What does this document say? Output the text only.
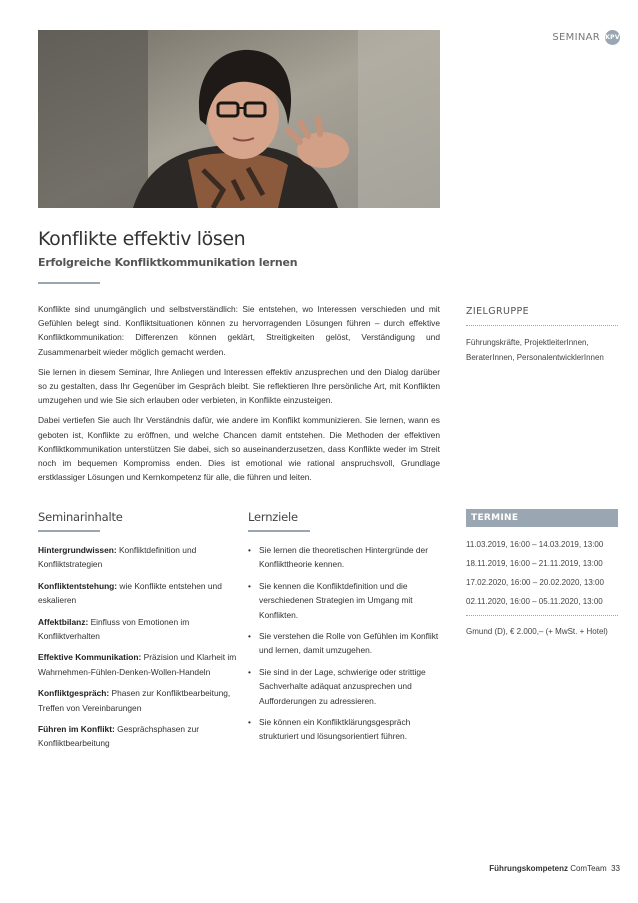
SEMINAR KPV
Konflikte effektiv lösen
Erfolgreiche Konfliktkommunikation lernen

Konflikte sind unumgänglich und selbstverständlich: Sie entstehen, wo Interessen verschieden und mit Gefühlen belegt sind. Konfliktsituationen können zu hervorragenden Lösungen führen – durch effektive Konfliktkommunikation: Differenzen können geklärt, Streitigkeiten gelöst, Verständigung und Zusammenarbeit wieder möglich gemacht werden.

Sie lernen in diesem Seminar, Ihre Anliegen und Interessen effektiv anzusprechen und den Dialog darüber so zu gestalten, dass Ihr Gegenüber im Gespräch bleibt. Sie reflektieren Ihre persönliche Art, mit Konflikten umzugehen und wie Sie sich erlauben oder verbieten, in Konflikte einzusteigen.

Dabei vertiefen Sie auch Ihr Verständnis dafür, wie andere im Konflikt kommunizieren. Sie lernen, wann es geboten ist, Konflikte zu eröffnen, und welche Chancen damit entstehen. Die Methoden der effektiven Konfliktkommunikation unterstützen Sie dabei, sich so auseinanderzusetzen, dass Konflikte weder im Streit noch im bequemen Kompromiss enden. Dies ist emotional wie rational anspruchsvoll, Grundlage erstklassiger Lösungen und Kernkompetenz für alle, die führen und leiten.

ZIELGRUPPE
Führungskräfte, ProjektleiterInnen, BeraterInnen, PersonalentwicklerInnen
TERMINE
11.03.2019, 16:00 – 14.03.2019, 13:00
18.11.2019, 16:00 – 21.11.2019, 13:00
17.02.2020, 16:00 – 20.02.2020, 13:00
02.11.2020, 16:00 – 05.11.2020, 13:00
Gmund (D), € 2.000,– (+ MwSt. + Hotel)
Seminarinhalte
Hintergrundwissen: Konfliktdefinition und Konfliktstrategien
Konfliktentstehung: wie Konflikte entstehen und eskalieren
Affektbilanz: Einfluss von Emotionen im Konfliktverhalten
Effektive Kommunikation: Präzision und Klarheit im Wahrnehmen-Fühlen-Denken-Wollen-Handeln
Konfliktgespräch: Phasen zur Konfliktbearbeitung, Treffen von Vereinbarungen
Führen im Konflikt: Gesprächsphasen zur Konfliktbearbeitung
Lernziele
• Sie lernen die theoretischen Hintergründe der Konflikttheorie kennen.
• Sie kennen die Konfliktdefinition und die verschiedenen Strategien im Umgang mit Konflikten.
• Sie verstehen die Rolle von Gefühlen im Konflikt und lernen, damit umzugehen.
• Sie sind in der Lage, schwierige oder strittige Sachverhalte adäquat anzusprechen und Aufforderungen zu adressieren.
• Sie können ein Konfliktklärungsgespräch strukturiert und lösungsorientiert führen.
Führungskompetenz ComTeam 33
